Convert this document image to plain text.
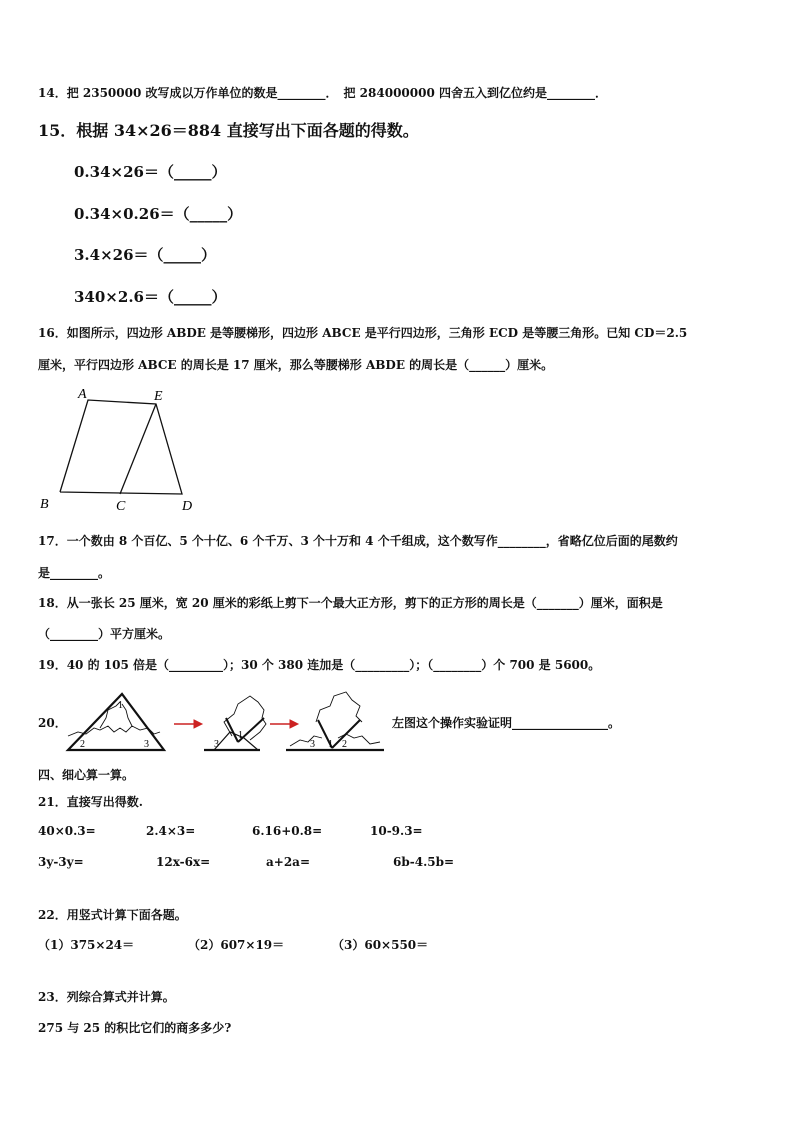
14．把 2350000 改写成以万作单位的数是________．　把 284000000 四舍五入到亿位约是________．
15．根据 34×26＝884 直接写出下面各题的得数。
0.34×26＝（_____）
0.34×0.26＝（_____）
3.4×26＝（_____）
340×2.6＝（_____）
16．如图所示，四边形 ABDE 是等腰梯形，四边形 ABCE 是平行四边形，三角形 ECD 是等腰三角形。已知 CD＝2.5
厘米，平行四边形 ABCE 的周长是 17 厘米，那么等腰梯形 ABDE 的周长是（______）厘米。
A	E
B	C	D
17．一个数由 8 个百亿、5 个十亿、6 个千万、3 个十万和 4 个千组成，这个数写作________，省略亿位后面的尾数约
是________。
18．从一张长 25 厘米，宽 20 厘米的彩纸上剪下一个最大正方形，剪下的正方形的周长是（_______）厘米，面积是
（________）平方厘米。
19．40 的 105 倍是（_________）；30 个 380 连加是（_________）；（________）个 700 是 5600。
20．
1
2	3	3
1
3 1 2
左图这个操作实验证明________________。
四、细心算一算。
21．直接写出得数.
40×0.3=	2.4×3=	6.16+0.8=	10-9.3=
3y-3y=	12x-6x=	a+2a=	6b-4.5b=
22．用竖式计算下面各题。
（1）375×24＝	（2）607×19＝	（3）60×550＝
23．列综合算式并计算。
275 与 25 的积比它们的商多多少?
